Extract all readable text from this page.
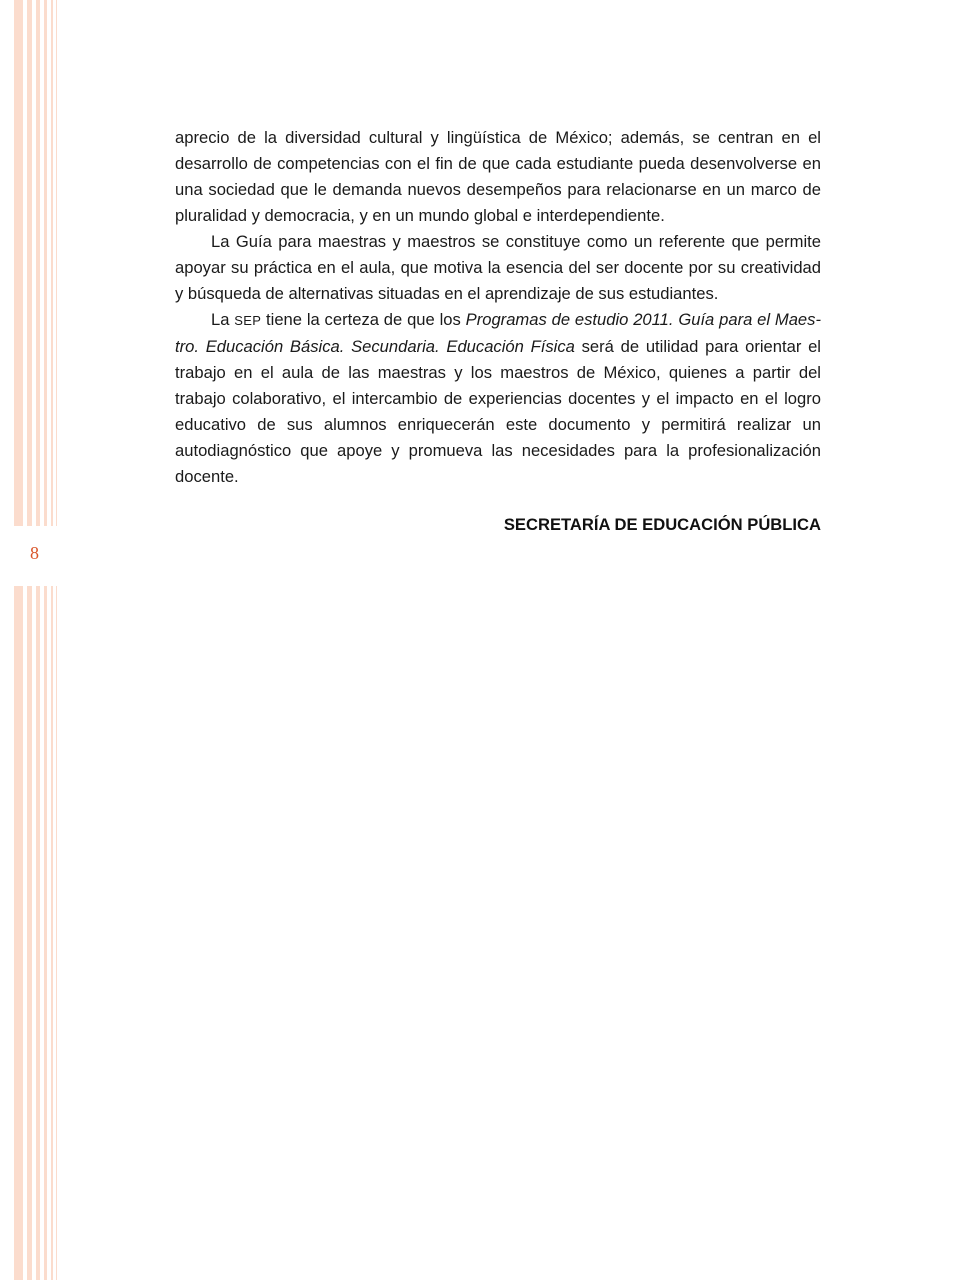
8

aprecio de la diversidad cultural y lingüística de México; además, se centran en el desarrollo de competencias con el fin de que cada estudiante pueda desenvolverse en una sociedad que le demanda nuevos desempeños para relacionarse en un marco de pluralidad y democracia, y en un mundo global e interdependiente.

La Guía para maestras y maestros se constituye como un referente que permite apoyar su práctica en el aula, que motiva la esencia del ser docente por su creatividad y búsqueda de alternativas situadas en el aprendizaje de sus estudiantes.

La SEP tiene la certeza de que los Programas de estudio 2011. Guía para el Maestro. Educación Básica. Secundaria. Educación Física será de utilidad para orientar el trabajo en el aula de las maestras y los maestros de México, quienes a partir del trabajo colaborativo, el intercambio de experiencias docentes y el impacto en el logro educativo de sus alumnos enriquecerán este documento y permitirá realizar un autodiagnóstico que apoye y promueva las necesidades para la profesionalización docente.

SECRETARÍA DE EDUCACIÓN PÚBLICA
